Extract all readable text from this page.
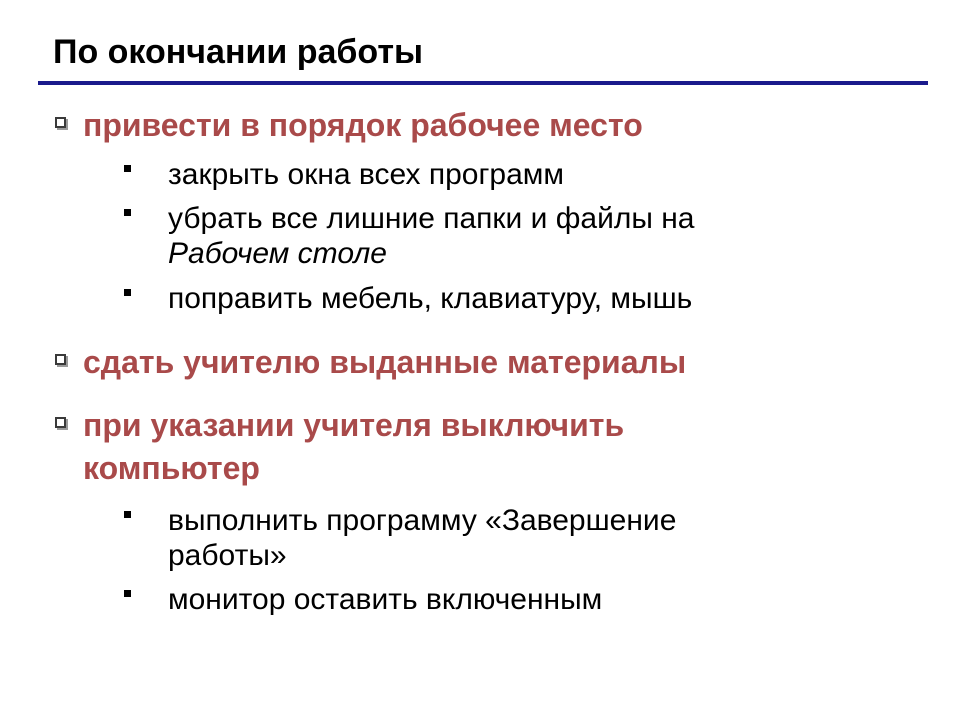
По окончании работы
привести в порядок рабочее место
закрыть окна всех программ
убрать все лишние папки и файлы на
Рабочем столе
поправить мебель, клавиатуру, мышь
сдать учителю выданные материалы
при указании учителя выключить
компьютер
выполнить программу «Завершение
работы»
монитор оставить включенным
